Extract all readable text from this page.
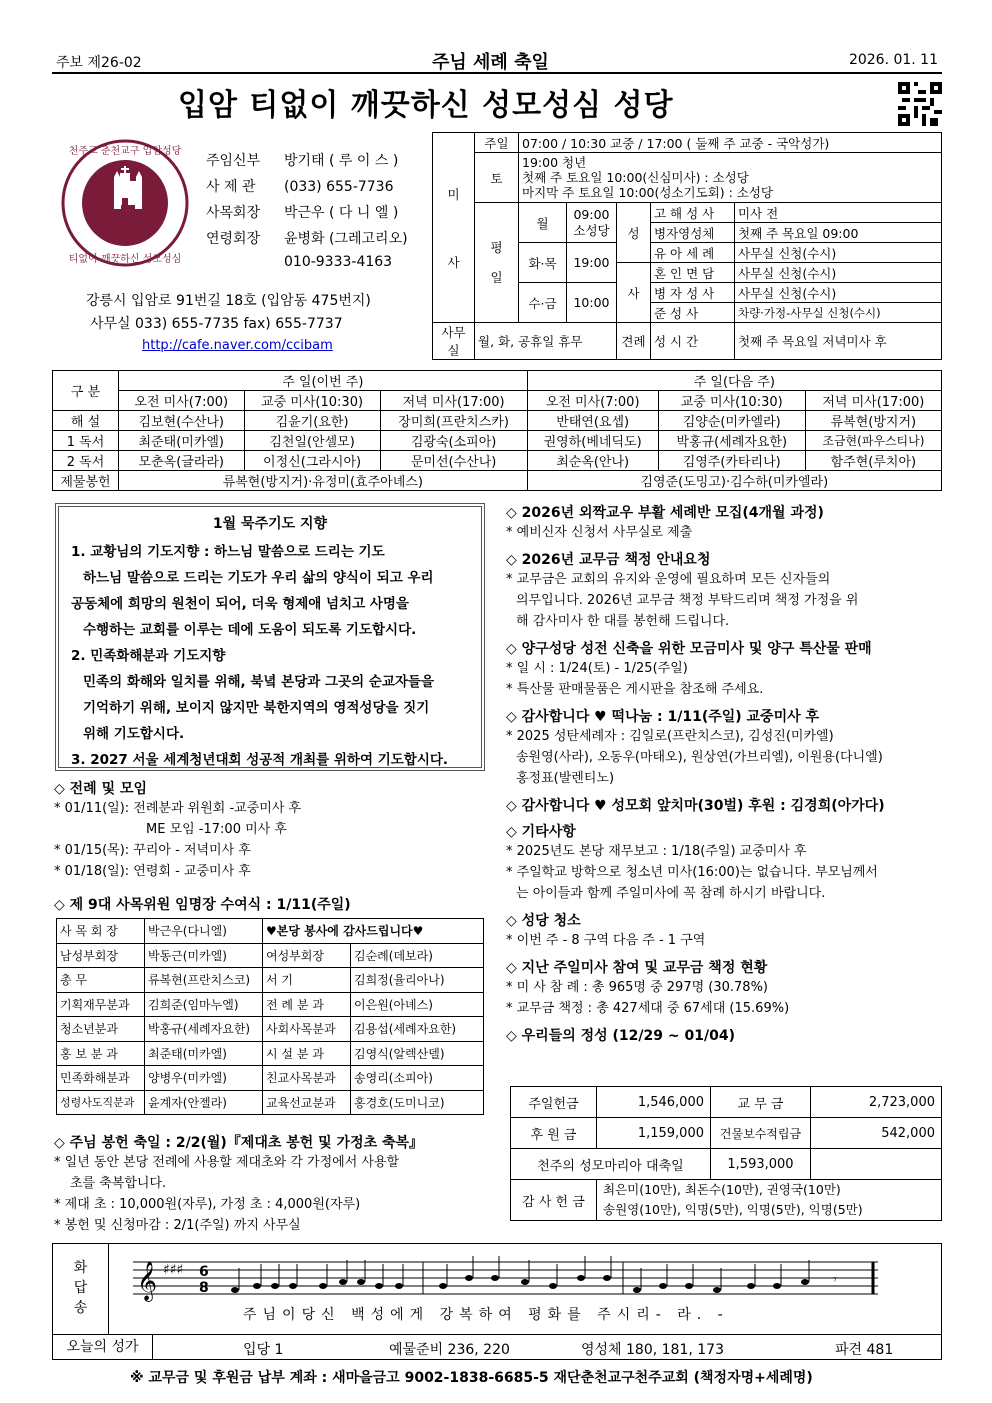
주보 제26-02	주님 세례 축일	2026. 01. 11
입암 티없이 깨끗하신 성모성심 성당
천주교 춘천교구 입암성당
티없이 깨끗하신 성모성심
주임신부 방기태 ( 루 이 스 )
사 제 관 (033) 655-7736
사목회장 박근우 ( 다 니 엘 )
연령회장 윤병화 (그레고리오)
010-9333-4163
강릉시 입암로 91번길 18호 (입암동 475번지)
사무실 033) 655-7735 fax) 655-7737
http://cafe.naver.com/ccibam
미
사	주일	07:00 / 10:30 교중 / 17:00 ( 둘째 주 교중 - 국악성가)				
	토	19:00 청년
첫째 주 토요일 10:00(신심미사) : 소성당
마지막 주 토요일 10:00(성소기도회) : 소성당				

	평일	월	09:00 소성당	성	고 해 성 사	미사 전
					병자영성체	첫째 주 목요일 09:00
		화·목	19:00		유 아 세 례	사무실 신청(수시)
				사	혼 인 면 담	사무실 신청(수시)
		수·금	10:00		병 자 성 사	사무실 신청(수시)
					준 성 사	차량·가정-사무실 신청(수시)
사무실	월, 화, 공휴일 휴무			견례	성 시 간	첫째 주 목요일 저녁미사 후
구 분	주 일(이번 주)			주 일(다음 주)		
	오전 미사(7:00)	교중 미사(10:30)	저녁 미사(17:00)	오전 미사(7:00)	교중 미사(10:30)	저녁 미사(17:00)
해 설	김보현(수산나)	김윤기(요한)	장미희(프란치스카)	반태연(요셉)	김양순(미카엘라)	류복현(방지거)
1 독서	최준태(미카엘)	김천일(안셀모)	김광숙(소피아)	권영하(베네딕도)	박홍규(세례자요한)	조금현(파우스티나)
2 독서	모춘옥(글라라)	이정신(그라시아)	문미선(수산나)	최순옥(안나)	김영주(카타리나)	함주현(루치아)
제물봉헌	류복현(방지거)·유정미(효주아녜스)			김영준(도밍고)·김수하(미카엘라)		
1월 묵주기도 지향

1. 교황님의 기도지향 : 하느님 말씀으로 드리는 기도

하느님 말씀으로 드리는 기도가 우리 삶의 양식이 되고 우리

공동체에 희망의 원천이 되어, 더욱 형제애 넘치고 사명을

수행하는 교회를 이루는 데에 도움이 되도록 기도합시다.

2. 민족화해분과 기도지향

민족의 화해와 일치를 위해, 북녘 본당과 그곳의 순교자들을

기억하기 위해, 보이지 않지만 북한지역의 영적성당을 짓기

위해 기도합시다.

3. 2027 서울 세계청년대회 성공적 개최를 위하여 기도합시다.

◇ 전례 및 모임
* 01/11(일): 전례분과 위원회 -교중미사 후
ME 모임 -17:00 미사 후
* 01/15(목): 꾸리아 - 저녁미사 후
* 01/18(일): 연령회 - 교중미사 후
◇ 제 9대 사목위원 임명장 수여식 : 1/11(주일)
사 목 회 장	박근우(다니엘)	♥본당 봉사에 감사드립니다♥	
남성부회장	박동근(미카엘)	여성부회장	김순례(데보라)
총 무	류복현(프란치스코)	서 기	김희정(율리아나)
기획재무분과	김희준(임마누엘)	전 례 분 과	이은원(아녜스)
청소년분과	박홍규(세례자요한)	사회사목분과	김용섭(세례자요한)
홍 보 분 과	최준태(미카엘)	시 설 분 과	김영식(알렉산델)
민족화해분과	양병우(미카엘)	친교사목분과	송영리(소피아)
성령사도직분과	윤계자(안젤라)	교육선교분과	홍경호(도미니코)
◇ 주님 봉헌 축일 : 2/2(월)『제대초 봉헌 및 가정초 축복』
* 일년 동안 본당 전례에 사용할 제대초와 각 가정에서 사용할
초를 축복합니다.
* 제대 초 : 10,000원(자루), 가정 초 : 4,000원(자루)
* 봉헌 및 신청마감 : 2/1(주일) 까지 사무실
◇ 2026년 외짝교우 부활 세례반 모집(4개월 과정)
* 예비신자 신청서 사무실로 제출
◇ 2026년 교무금 책정 안내요청
* 교무금은 교회의 유지와 운영에 필요하며 모든 신자들의
의무입니다. 2026년 교무금 책정 부탁드리며 책정 가정을 위
해 감사미사 한 대를 봉헌해 드립니다.
◇ 양구성당 성전 신축을 위한 모금미사 및 양구 특산물 판매
* 일 시 : 1/24(토) - 1/25(주일)
* 특산물 판매물품은 게시판을 참조해 주세요.
◇ 감사합니다 ♥ 떡나눔 : 1/11(주일) 교중미사 후
* 2025 성탄세례자 : 김일로(프란치스코), 김성진(미카엘)
송원영(사라), 오동우(마태오), 원상연(가브리엘), 이원용(다니엘)
홍정표(발렌티노)
◇ 감사합니다 ♥ 성모회 앞치마(30벌) 후원 : 김경희(아가다)
◇ 기타사항
* 2025년도 본당 재무보고 : 1/18(주일) 교중미사 후
* 주일학교 방학으로 청소년 미사(16:00)는 없습니다. 부모님께서
는 아이들과 함께 주일미사에 꼭 참례 하시기 바랍니다.
◇ 성당 청소
* 이번 주 - 8 구역 다음 주 - 1 구역
◇ 지난 주일미사 참여 및 교무금 책정 현황
* 미 사 참 례 : 총 965명 중 297명 (30.78%)
* 교무금 책정 : 총 427세대 중 67세대 (15.69%)
◇ 우리들의 정성 (12/29 ~ 01/04)
주일헌금	1,546,000	교 무 금	2,723,000
후 원 금	1,159,000	건물보수적립금	542,000
천주의 성모마리아 대축일		1,593,000	
감 사 헌 금	최은미(10만), 최돈수(10만), 권영국(10만)
송원영(10만), 익명(5만), 익명(5만), 익명(5만)		
화답송
𝄞 ♯♯♯ 6
8	𝄾
주님이당신 백성에게 강복하여 평화를 주시리- 라. -
오늘의 성가	입당 1	예물준비 236, 220	영성체 180, 181, 173	파견 481
※ 교무금 및 후원금 납부 계좌 : 새마을금고 9002-1838-6685-5 재단춘천교구천주교회 (책정자명+세례명)
